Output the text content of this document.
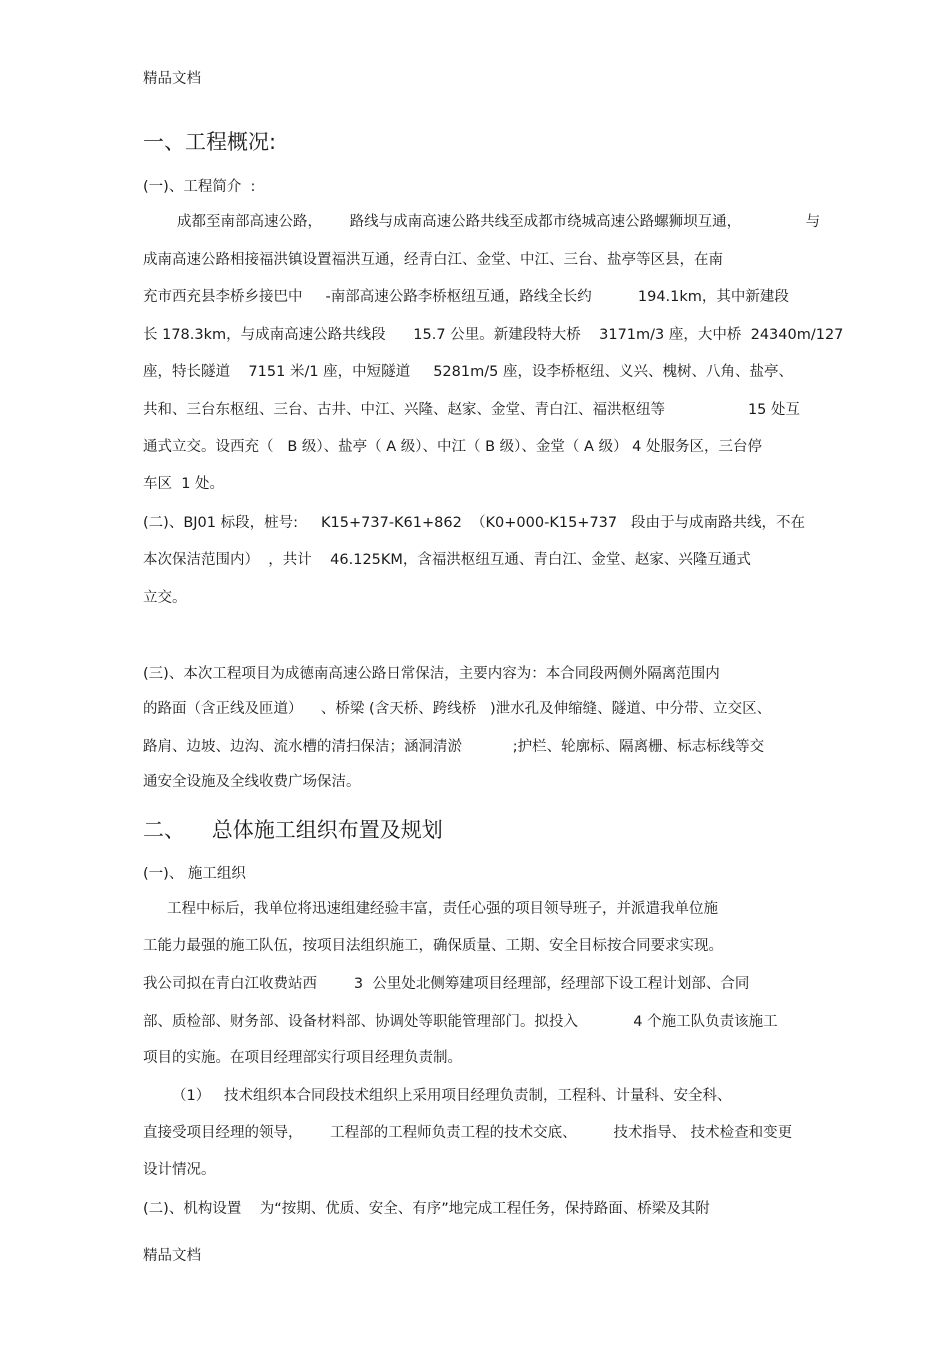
精品文档
一、工程概况:
(一)、工程简介  :
成都至南部高速公路，      路线与成南高速公路共线至成都市绕城高速公路螺狮坝互通，              与
成南高速公路相接福洪镇设置福洪互通，经青白江、金堂、中江、三台、盐亭等区县，在南
充市西充县李桥乡接巴中     -南部高速公路李桥枢纽互通，路线全长约          194.1km，其中新建段
长 178.3km，与成南高速公路共线段      15.7 公里。新建段特大桥    3171m/3 座，大中桥  24340m/127
座，特长隧道    7151 米/1 座，中短隧道     5281m/5 座，设李桥枢纽、义兴、槐树、八角、盐亭、
共和、三台东枢纽、三台、古井、中江、兴隆、赵家、金堂、青白江、福洪枢纽等                  15 处互
通式立交。设西充（   B 级）、盐亭（ A 级）、中江（ B 级）、金堂（ A 级） 4 处服务区，三台停
车区  1 处。
(二)、BJ01 标段，桩号:     K15+737-K61+862  （K0+000-K15+737   段由于与成南路共线，不在
本次保洁范围内）  ，共计    46.125KM，含福洪枢纽互通、青白江、金堂、赵家、兴隆互通式
立交。
(三)、本次工程项目为成德南高速公路日常保洁，主要内容为：本合同段两侧外隔离范围内
的路面（含正线及匝道）    、桥梁 (含天桥、跨线桥   )泄水孔及伸缩缝、隧道、中分带、立交区、
路肩、边坡、边沟、流水槽的清扫保洁；涵洞清淤           ;护栏、轮廓标、隔离栅、标志标线等交
通安全设施及全线收费广场保洁。
二、    总体施工组织布置及规划
(一)、 施工组织
工程中标后，我单位将迅速组建经验丰富，责任心强的项目领导班子，并派遣我单位施
工能力最强的施工队伍，按项目法组织施工，确保质量、工期、安全目标按合同要求实现。
我公司拟在青白江收费站西        3  公里处北侧筹建项目经理部，经理部下设工程计划部、合同
部、质检部、财务部、设备材料部、协调处等职能管理部门。拟投入            4 个施工队负责该施工
项目的实施。在项目经理部实行项目经理负责制。
（1）   技术组织本合同段技术组织上采用项目经理负责制，工程科、计量科、安全科、
直接受项目经理的领导，      工程部的工程师负责工程的技术交底、        技术指导、 技术检查和变更
设计情况。
(二)、机构设置    为“按期、优质、安全、有序”地完成工程任务，保持路面、桥梁及其附
精品文档
